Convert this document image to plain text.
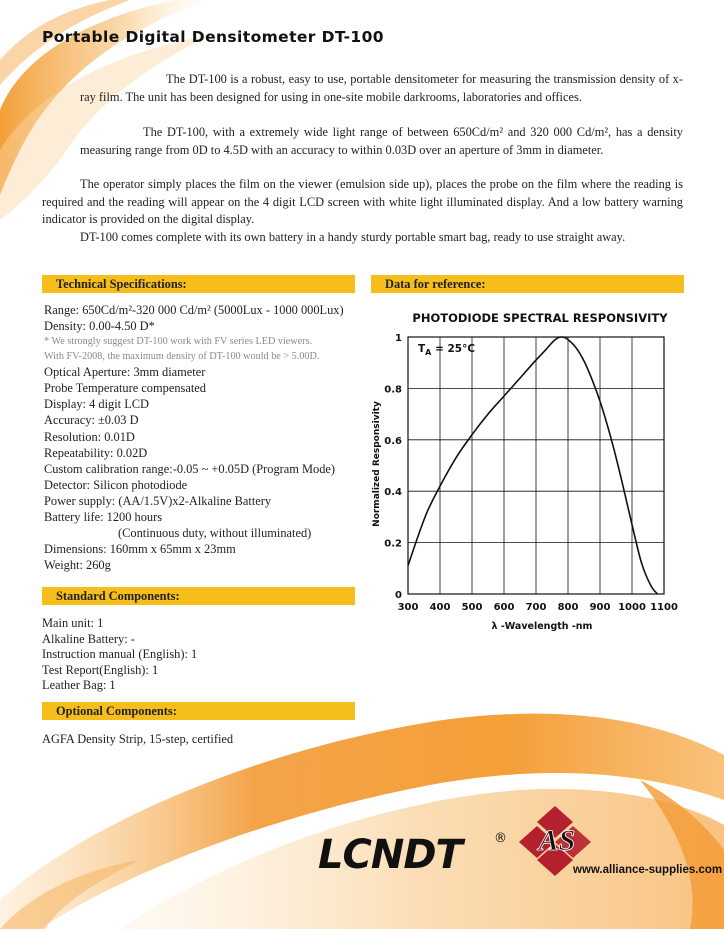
Portable Digital Densitometer DT-100

The DT-100 is a robust, easy to use, portable densitometer for measuring the transmission density of x-ray film. The unit has been designed for using in one-site mobile darkrooms, laboratories and offices.

The DT-100, with a extremely wide light range of between 650Cd/m² and 320 000 Cd/m², has a density measuring range from 0D to 4.5D with an accuracy to within 0.03D over an aperture of 3mm in diameter.

The operator simply places the film on the viewer (emulsion side up), places the probe on the film where the reading is required and the reading will appear on the 4 digit LCD screen with white light illuminated display. And a low battery warning indicator is provided on the digital display.

DT-100 comes complete with its own battery in a handy sturdy portable smart bag, ready to use straight away.

Technical Specifications:	Data for reference:
Range: 650Cd/m²-320 000 Cd/m² (5000Lux - 1000 000Lux)
Density: 0.00-4.50 D*
* We strongly suggest DT-100 work with FV series LED viewers.
With FV-2008, the maximum density of DT-100 would be > 5.00D.
Optical Aperture: 3mm diameter
Probe Temperature compensated
Display: 4 digit LCD
Accuracy: ±0.03 D
Resolution: 0.01D
Repeatability: 0.02D
Custom calibration range:-0.05 ~ +0.05D (Program Mode)
Detector: Silicon photodiode
Power supply: (AA/1.5V)x2-Alkaline Battery
Battery life: 1200 hours
(Continuous duty, without illuminated)
Dimensions: 160mm x 65mm x 23mm
Weight: 260g
Standard Components:
Main unit: 1
Alkaline Battery: -
Instruction manual (English): 1
Test Report(English): 1
Leather Bag: 1
Optional Components:
AGFA Density Strip, 15-step, certified
PHOTODIODE SPECTRAL RESPONSIVITY
300 400 500 600 700 800 900 1000 1100
0
0.2
0.4
0.6
0.8
1
$T_A = 25^\circ C$
Normalized Responsivity
λ -Wavelength -nm
LCNDT ® AS
www.alliance-supplies.com
